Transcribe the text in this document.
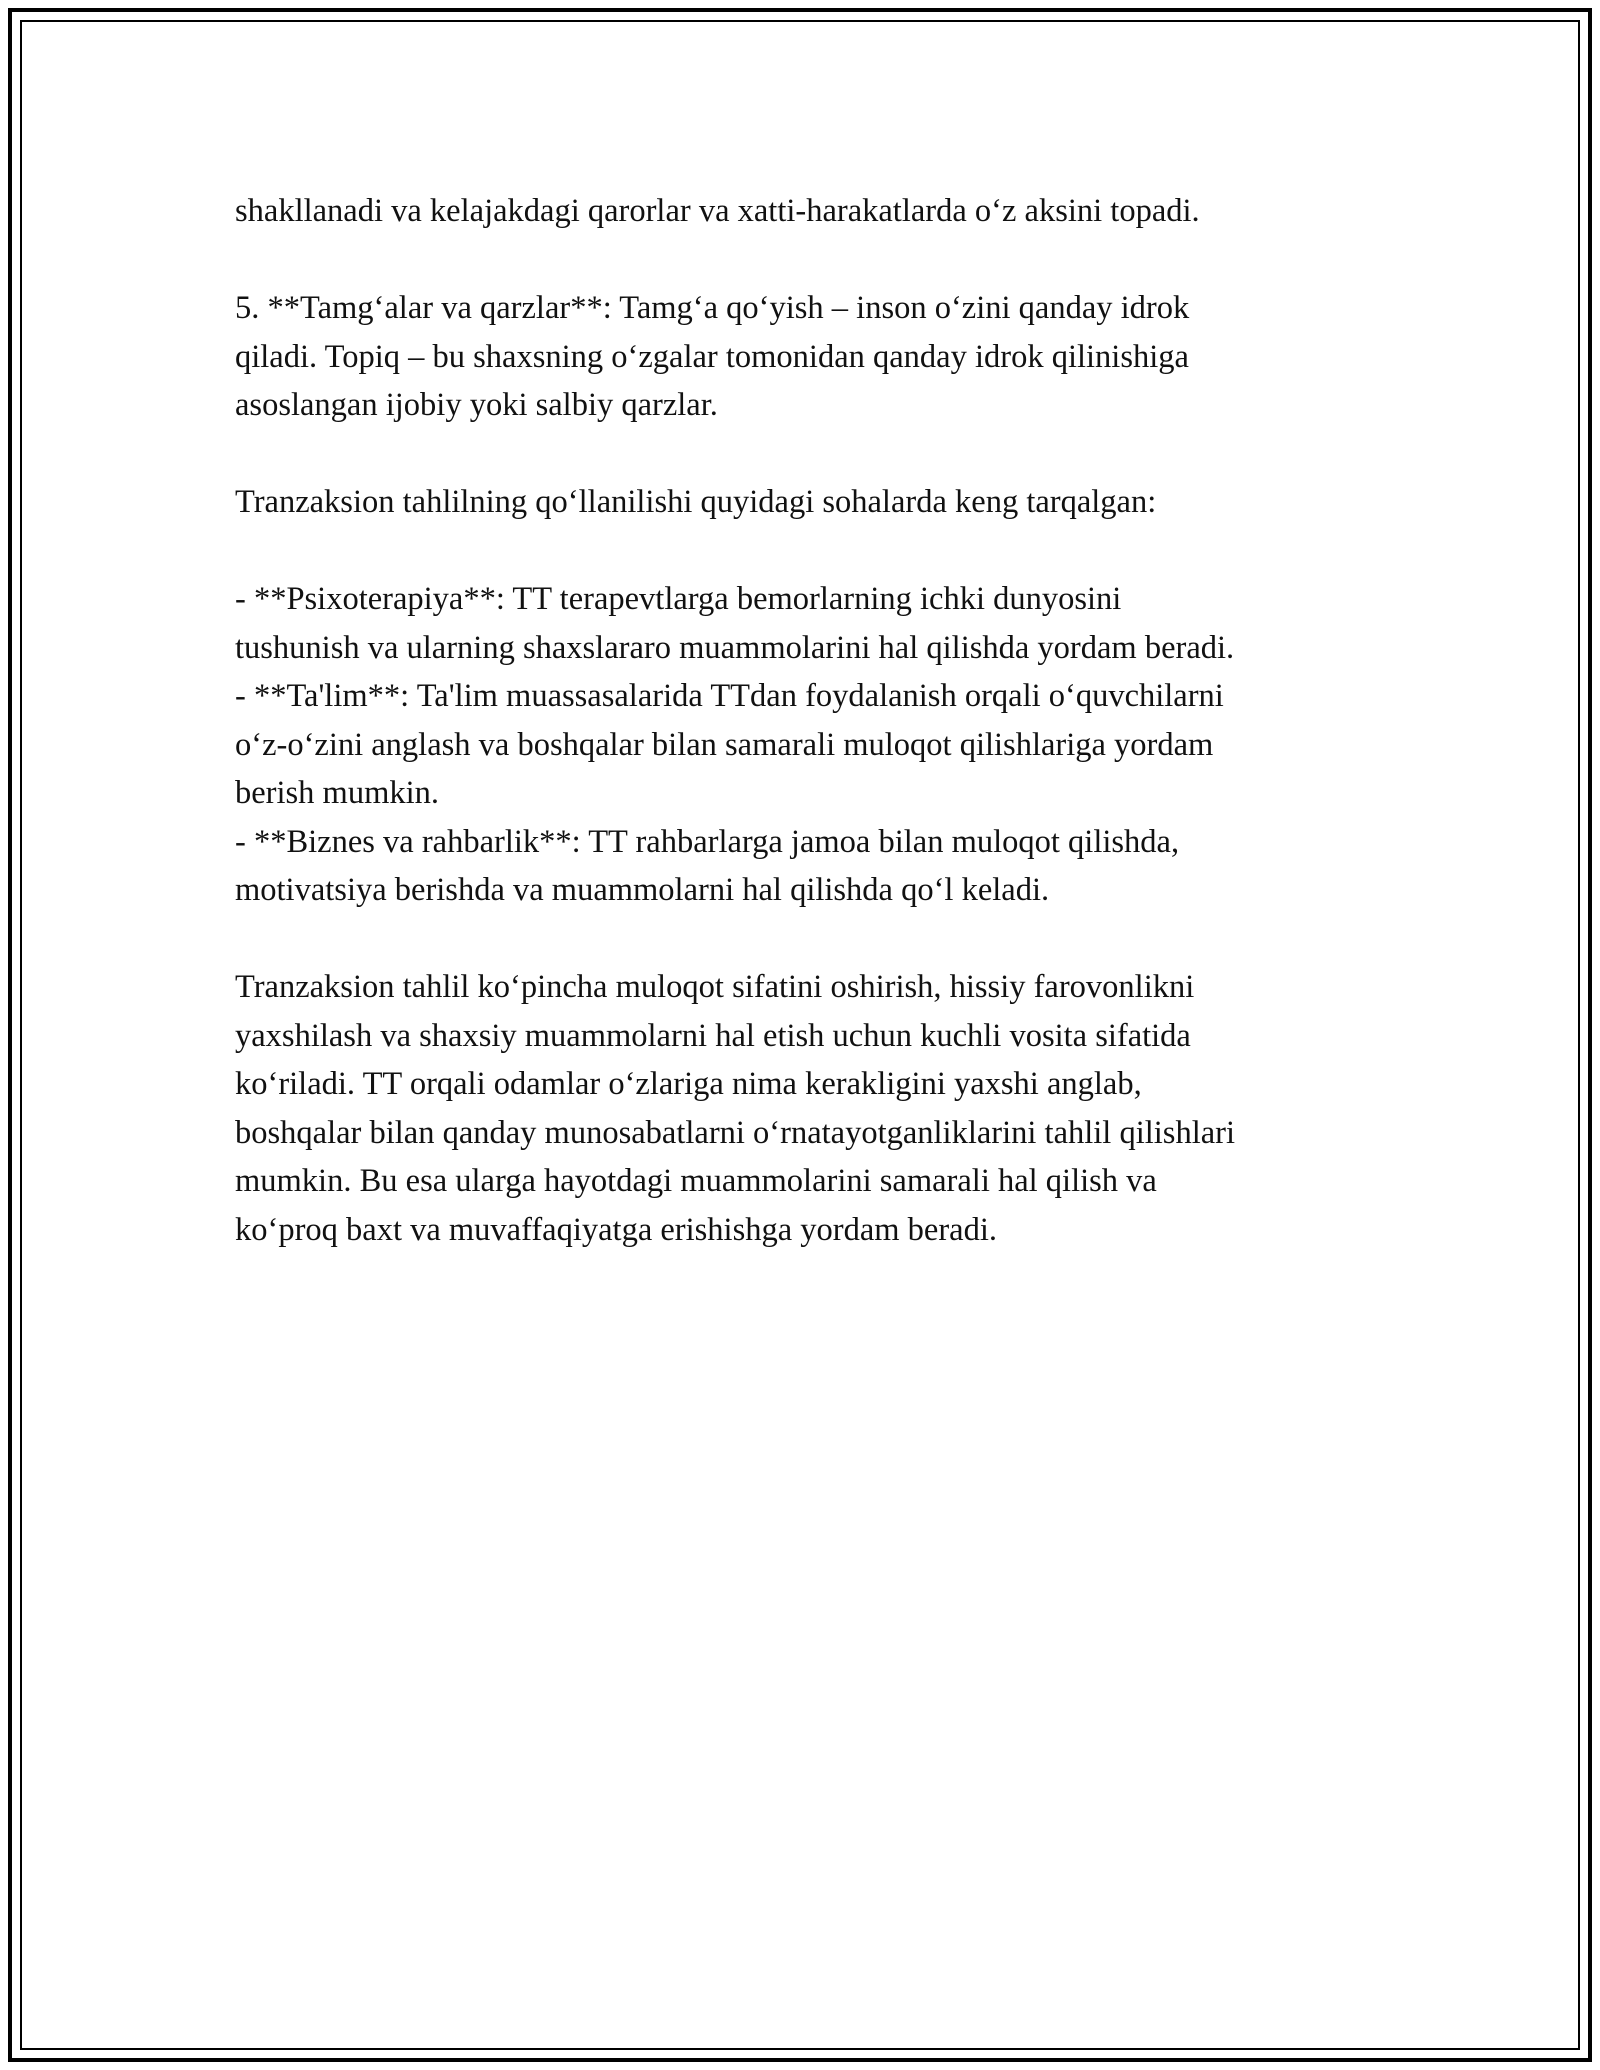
shakllanadi va kelajakdagi qarorlar va xatti-harakatlarda o‘z aksini topadi.
5. **Tamg‘alar va qarzlar**: Tamg‘a qo‘yish – inson o‘zini qanday idrok
qiladi. Topiq – bu shaxsning o‘zgalar tomonidan qanday idrok qilinishiga
asoslangan ijobiy yoki salbiy qarzlar.
Tranzaksion tahlilning qo‘llanilishi quyidagi sohalarda keng tarqalgan:
- **Psixoterapiya**: TT terapevtlarga bemorlarning ichki dunyosini
tushunish va ularning shaxslararo muammolarini hal qilishda yordam beradi.
- **Ta'lim**: Ta'lim muassasalarida TTdan foydalanish orqali o‘quvchilarni
o‘z-o‘zini anglash va boshqalar bilan samarali muloqot qilishlariga yordam
berish mumkin.
- **Biznes va rahbarlik**: TT rahbarlarga jamoa bilan muloqot qilishda,
motivatsiya berishda va muammolarni hal qilishda qo‘l keladi.
Tranzaksion tahlil ko‘pincha muloqot sifatini oshirish, hissiy farovonlikni
yaxshilash va shaxsiy muammolarni hal etish uchun kuchli vosita sifatida
ko‘riladi. TT orqali odamlar o‘zlariga nima kerakligini yaxshi anglab,
boshqalar bilan qanday munosabatlarni o‘rnatayotganliklarini tahlil qilishlari
mumkin. Bu esa ularga hayotdagi muammolarini samarali hal qilish va
ko‘proq baxt va muvaffaqiyatga erishishga yordam beradi.
